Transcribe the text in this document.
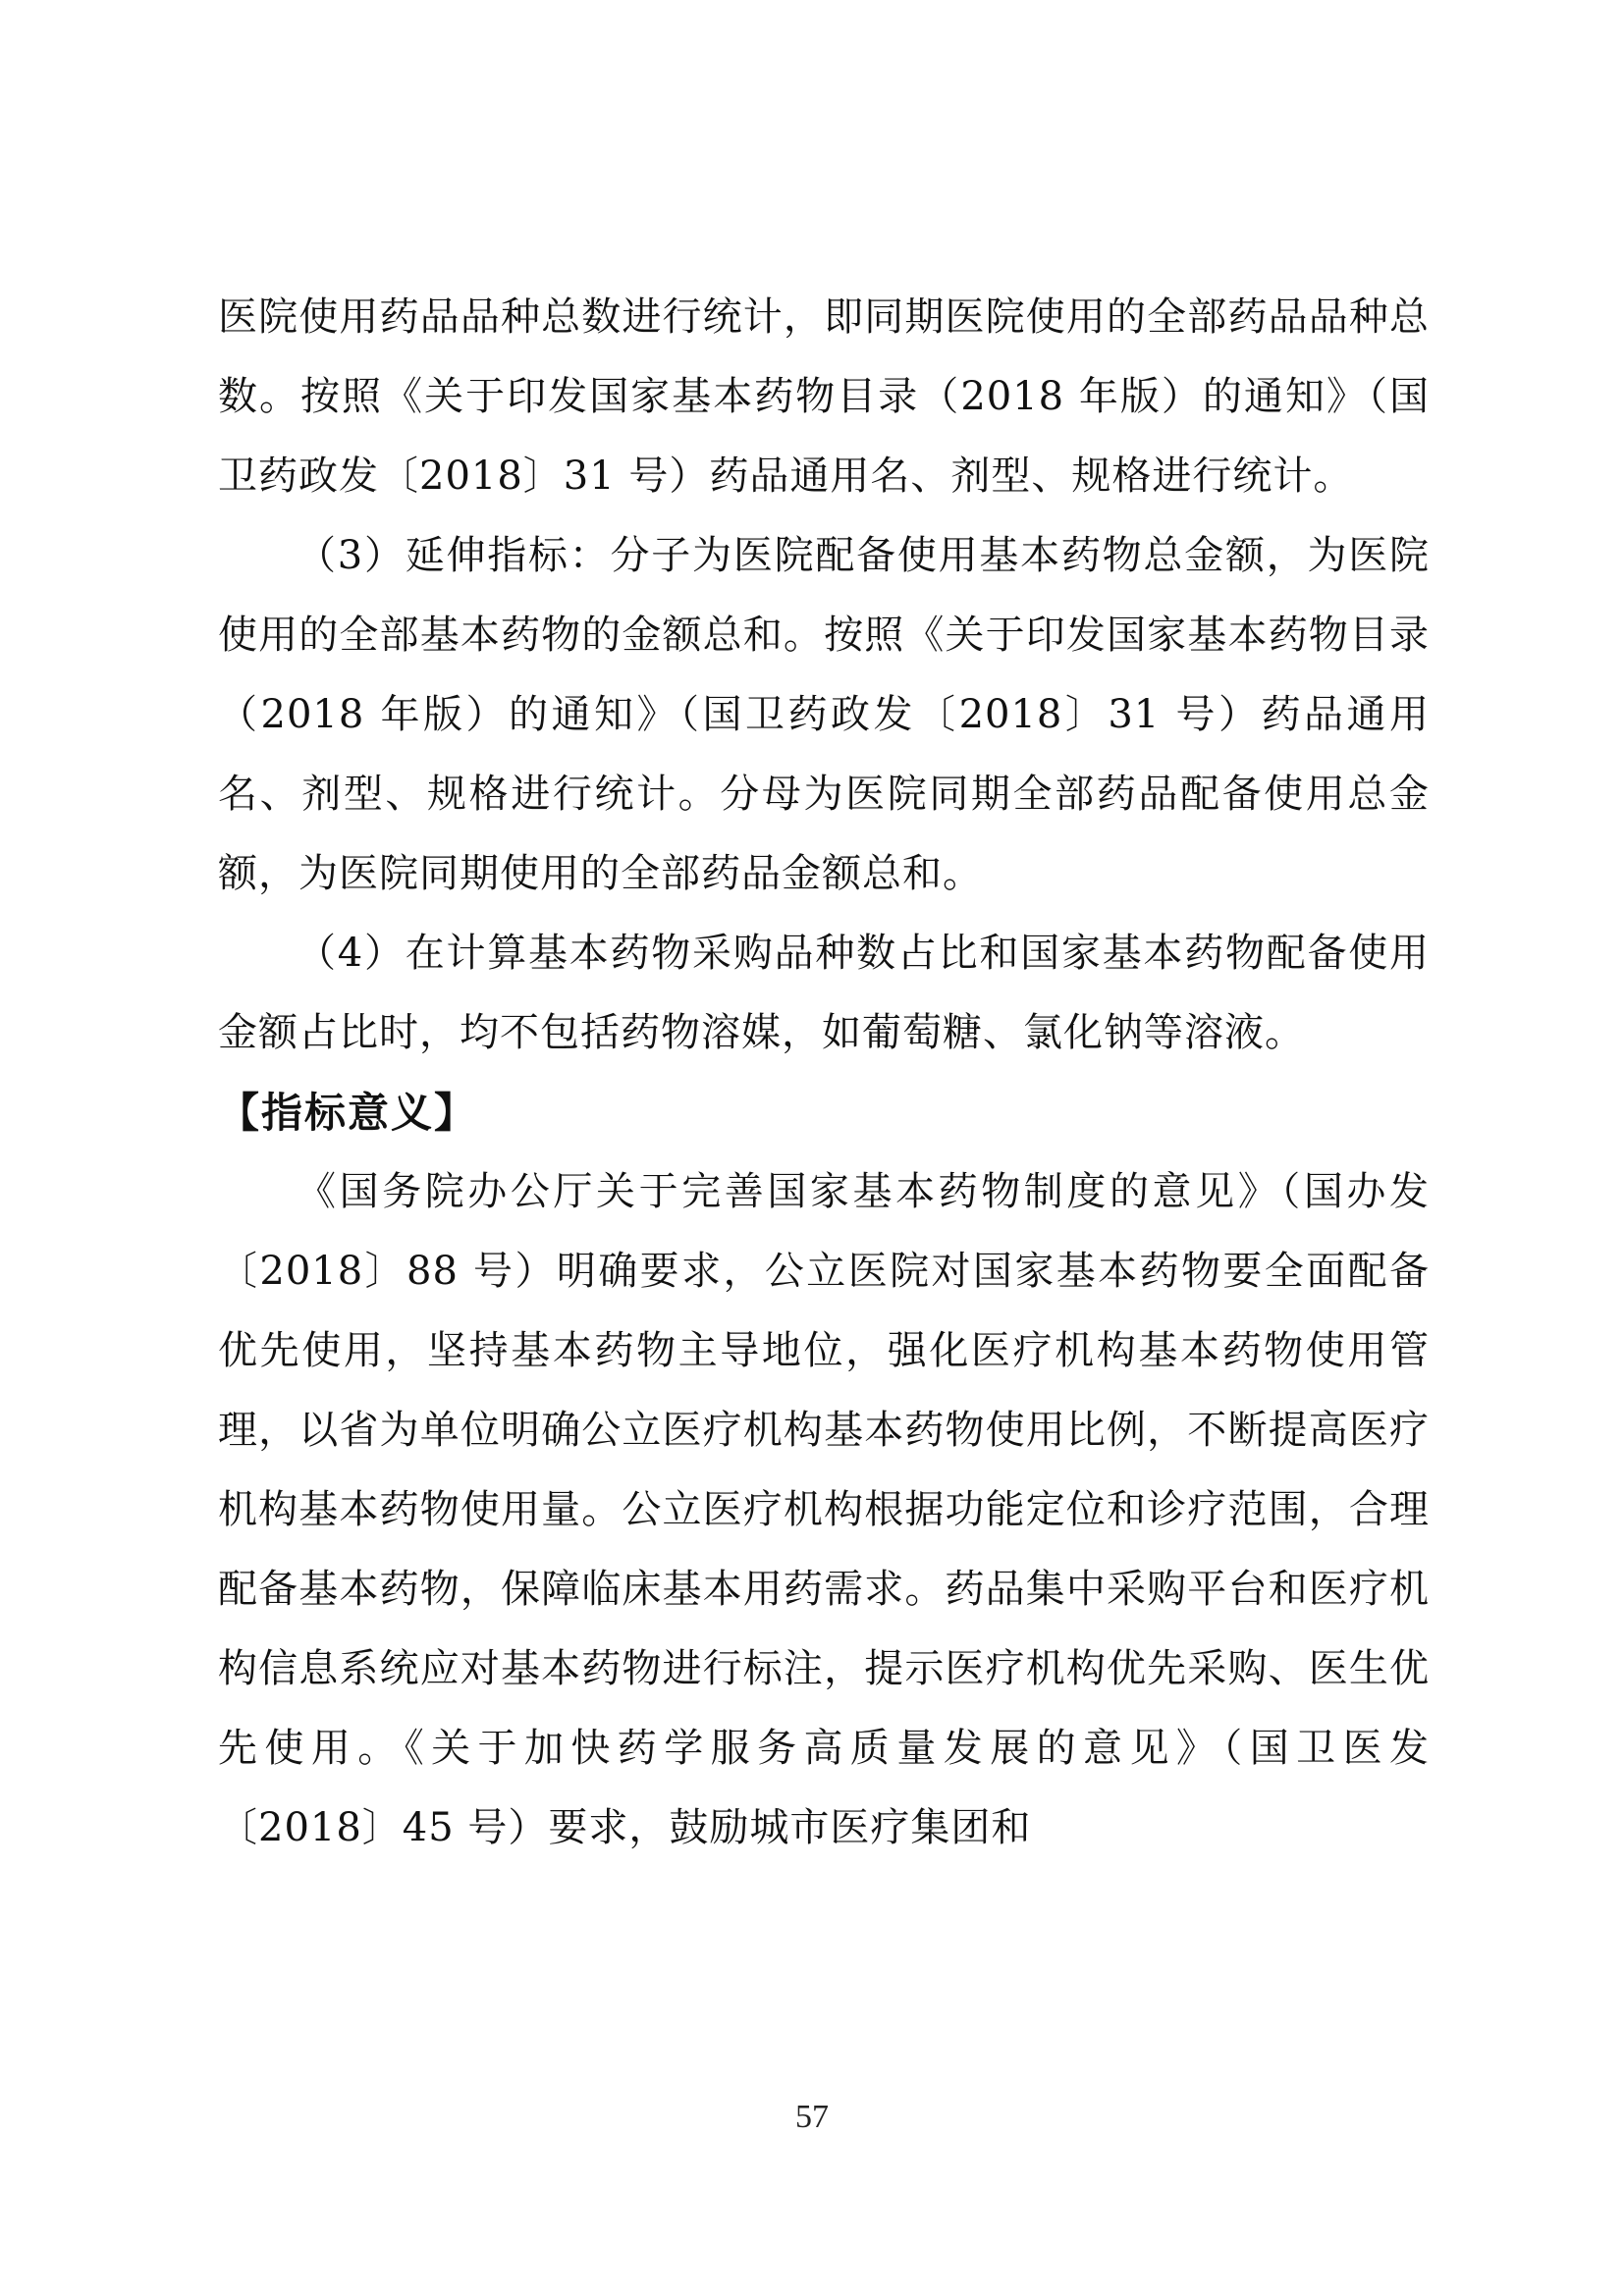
医院使用药品品种总数进行统计，即同期医院使用的全部药品品种总数。按照《关于印发国家基本药物目录（2018 年版）的通知》（国卫药政发〔2018〕31 号）药品通用名、剂型、规格进行统计。

（3）延伸指标：分子为医院配备使用基本药物总金额，为医院使用的全部基本药物的金额总和。按照《关于印发国家基本药物目录（2018 年版）的通知》（国卫药政发〔2018〕31 号）药品通用名、剂型、规格进行统计。分母为医院同期全部药品配备使用总金额，为医院同期使用的全部药品金额总和。

（4）在计算基本药物采购品种数占比和国家基本药物配备使用金额占比时，均不包括药物溶媒，如葡萄糖、氯化钠等溶液。

【指标意义】

《国务院办公厅关于完善国家基本药物制度的意见》（国办发〔2018〕88 号）明确要求，公立医院对国家基本药物要全面配备优先使用，坚持基本药物主导地位，强化医疗机构基本药物使用管理，以省为单位明确公立医疗机构基本药物使用比例，不断提高医疗机构基本药物使用量。公立医疗机构根据功能定位和诊疗范围，合理配备基本药物，保障临床基本用药需求。药品集中采购平台和医疗机构信息系统应对基本药物进行标注，提示医疗机构优先采购、医生优先使用。《关于加快药学服务高质量发展的意见》（国卫医发〔2018〕45 号）要求，鼓励城市医疗集团和

57
